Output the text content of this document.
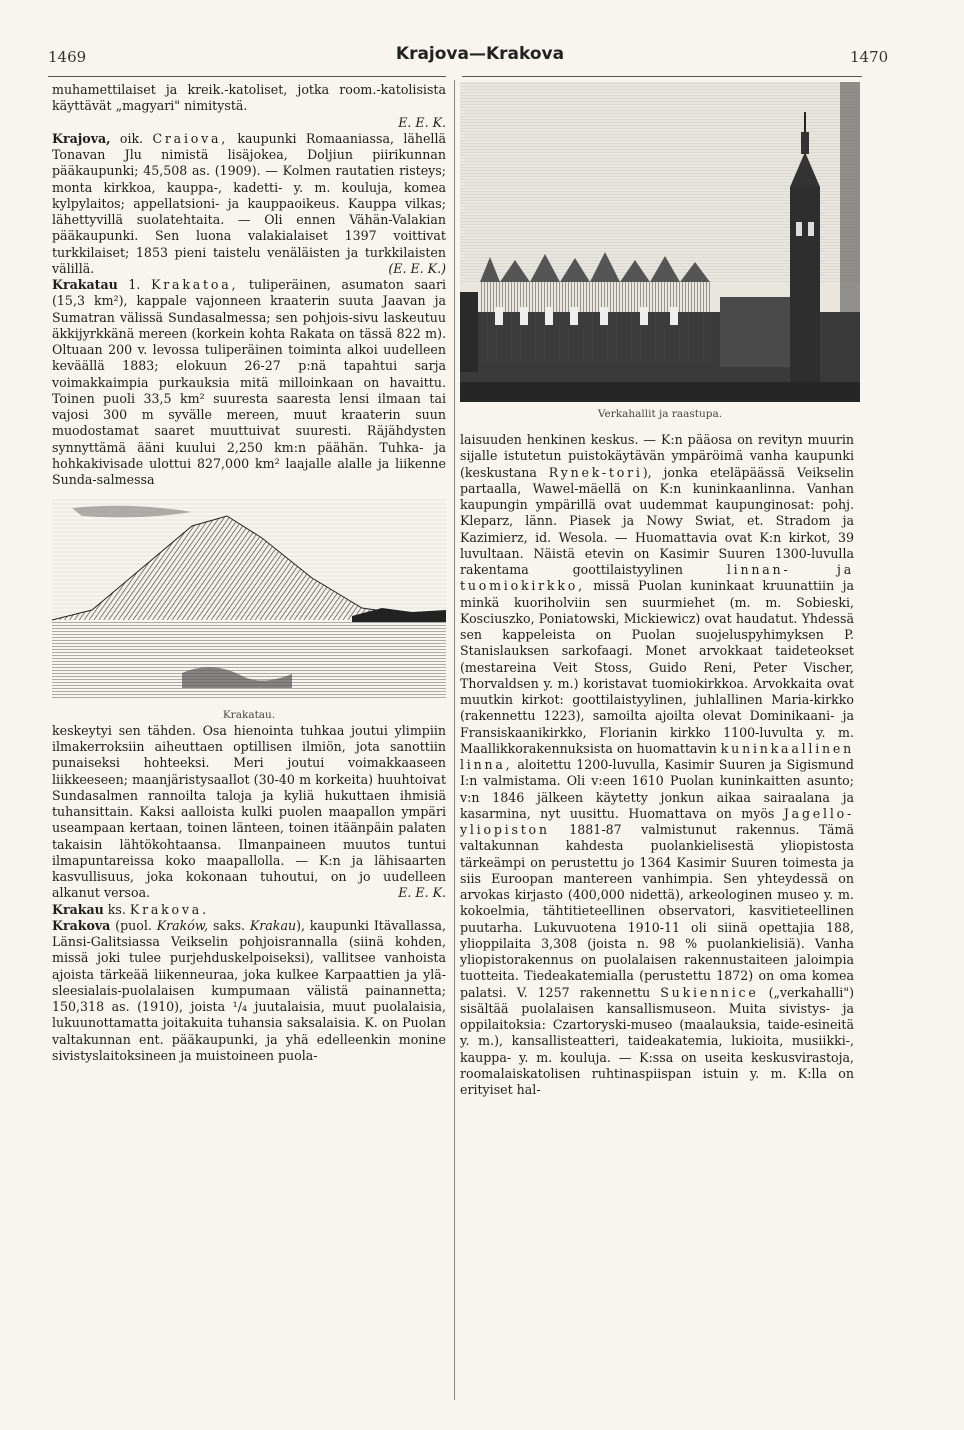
1469	Krajova—Krakova	1470

muhamettilaiset ja kreik.-katoliset, jotka room.-katolisista käyttävät „magyari" nimitystä.

E. E. K.

Krajova, oik. Craiova, kaupunki Romaaniassa, lähellä Tonavan Jlu nimistä lisäjokea, Doljiun piirikunnan pääkaupunki; 45,508 as. (1909). — Kolmen rautatien risteys; monta kirkkoa, kauppa-, kadetti- y. m. kouluja, komea kylpylaitos; appellatsioni- ja kauppaoikeus. Kauppa vilkas; lähettyvillä suolatehtaita. — Oli ennen Vähän-Valakian pääkaupunki. Sen luona valakialaiset 1397 voittivat turkkilaiset; 1853 pieni taistelu venäläisten ja turkkilaisten välillä.	(E. E. K.)

Krakatau 1. Krakatoa, tuliperäinen, asumaton saari (15,3 km²), kappale vajonneen kraaterin suuta Jaavan ja Sumatran välissä Sundasalmessa; sen pohjois-sivu laskeutuu äkkijyrkkänä mereen (korkein kohta Rakata on tässä 822 m). Oltuaan 200 v. levossa tuliperäinen toiminta alkoi uudelleen keväällä 1883; elokuun 26-27 p:nä tapahtui sarja voimakkaimpia purkauksia mitä milloinkaan on havaittu. Toinen puoli 33,5 km² suuresta saaresta lensi ilmaan tai vajosi 300 m syvälle mereen, muut kraaterin suun muodostamat saaret muuttuivat suuresti. Räjähdysten synnyttämä ääni kuului 2,250 km:n päähän. Tuhka- ja hohkakivisade ulottui 827,000 km² laajalle alalle ja liikenne Sunda-salmessa

Krakatau.

keskeytyi sen tähden. Osa hienointa tuhkaa joutui ylimpiin ilmakerroksiin aiheuttaen optillisen ilmiön, jota sanottiin punaiseksi hohteeksi. Meri joutui voimakkaaseen liikkeeseen; maanjäristysaallot (30-40 m korkeita) huuhtoivat Sundasalmen rannoilta taloja ja kyliä hukuttaen ihmisiä tuhansittain. Kaksi aalloista kulki puolen maapallon ympäri useampaan kertaan, toinen länteen, toinen itäänpäin palaten takaisin lähtökohtaansa. Ilmanpaineen muutos tuntui ilmapuntareissa koko maapallolla. — K:n ja lähisaarten kasvullisuus, joka kokonaan tuhoutui, on jo uudelleen alkanut versoa.	E. E. K.

Krakau ks. Krakova.

Krakova (puol. Kraków, saks. Krakau), kaupunki Itävallassa, Länsi-Galitsiassa Veikselin pohjoisrannalla (siinä kohden, missä joki tulee purjehduskelpoiseksi), vallitsee vanhoista ajoista tärkeää liikenneuraa, joka kulkee Karpaattien ja ylä-sleesialais-puolalaisen kumpumaan välistä painannetta; 150,318 as. (1910), joista ¹/₄ juutalaisia, muut puolalaisia, lukuunottamatta joitakuita tuhansia saksalaisia. K. on Puolan valtakunnan ent. pääkaupunki, ja yhä edelleenkin monine sivistyslaitoksineen ja muistoineen puola-

Verkahallit ja raastupa.

laisuuden henkinen keskus. — K:n pääosa on revityn muurin sijalle istutetun puistokäytävän ympäröimä vanha kaupunki (keskustana Rynek-tori), jonka eteläpäässä Veikselin partaalla, Wawel-mäellä on K:n kuninkaanlinna. Vanhan kaupungin ympärillä ovat uudemmat kaupunginosat: pohj. Kleparz, länn. Piasek ja Nowy Swiat, et. Stradom ja Kazimierz, id. Wesola. — Huomattavia ovat K:n kirkot, 39 luvultaan. Näistä etevin on Kasimir Suuren 1300-luvulla rakentama goottilaistyylinen linnan- ja tuomiokirkko, missä Puolan kuninkaat kruunattiin ja minkä kuoriholviin sen suurmiehet (m. m. Sobieski, Kosciuszko, Poniatowski, Mickiewicz) ovat haudatut. Yhdessä sen kappeleista on Puolan suojeluspyhimyksen P. Stanislauksen sarkofaagi. Monet arvokkaat taideteokset (mestareina Veit Stoss, Guido Reni, Peter Vischer, Thorvaldsen y. m.) koristavat tuomiokirkkoa. Arvokkaita ovat muutkin kirkot: goottilaistyylinen, juhlallinen Maria-kirkko (rakennettu 1223), samoilta ajoilta olevat Dominikaani- ja Fransiskaanikirkko, Florianin kirkko 1100-luvulta y. m. Maallikkorakennuksista on huomattavin kuninkaallinen linna, aloitettu 1200-luvulla, Kasimir Suuren ja Sigismund I:n valmistama. Oli v:een 1610 Puolan kuninkaitten asunto; v:n 1846 jälkeen käytetty jonkun aikaa sairaalana ja kasarmina, nyt uusittu. Huomattava on myös Jagello-yliopiston 1881-87 valmistunut rakennus. Tämä valtakunnan kahdesta puolankielisestä yliopistosta tärkeämpi on perustettu jo 1364 Kasimir Suuren toimesta ja siis Euroopan mantereen vanhimpia. Sen yhteydessä on arvokas kirjasto (400,000 nidettä), arkeologinen museo y. m. kokoelmia, tähtitieteellinen observatori, kasvitieteellinen puutarha. Lukuvuotena 1910-11 oli siinä opettajia 188, ylioppilaita 3,308 (joista n. 98 % puolankielisiä). Vanha yliopistorakennus on puolalaisen rakennustaiteen jaloimpia tuotteita. Tiedeakatemialla (perustettu 1872) on oma komea palatsi. V. 1257 rakennettu Sukiennice („verkahalli") sisältää puolalaisen kansallismuseon. Muita sivistys- ja oppilaitoksia: Czartoryski-museo (maalauksia, taide-esineitä y. m.), kansallisteatteri, taideakatemia, lukioita, musiikki-, kauppa- y. m. kouluja. — K:ssa on useita keskusvirastoja, roomalaiskatolisen ruhtinaspiispan istuin y. m. K:lla on erityiset hal-
